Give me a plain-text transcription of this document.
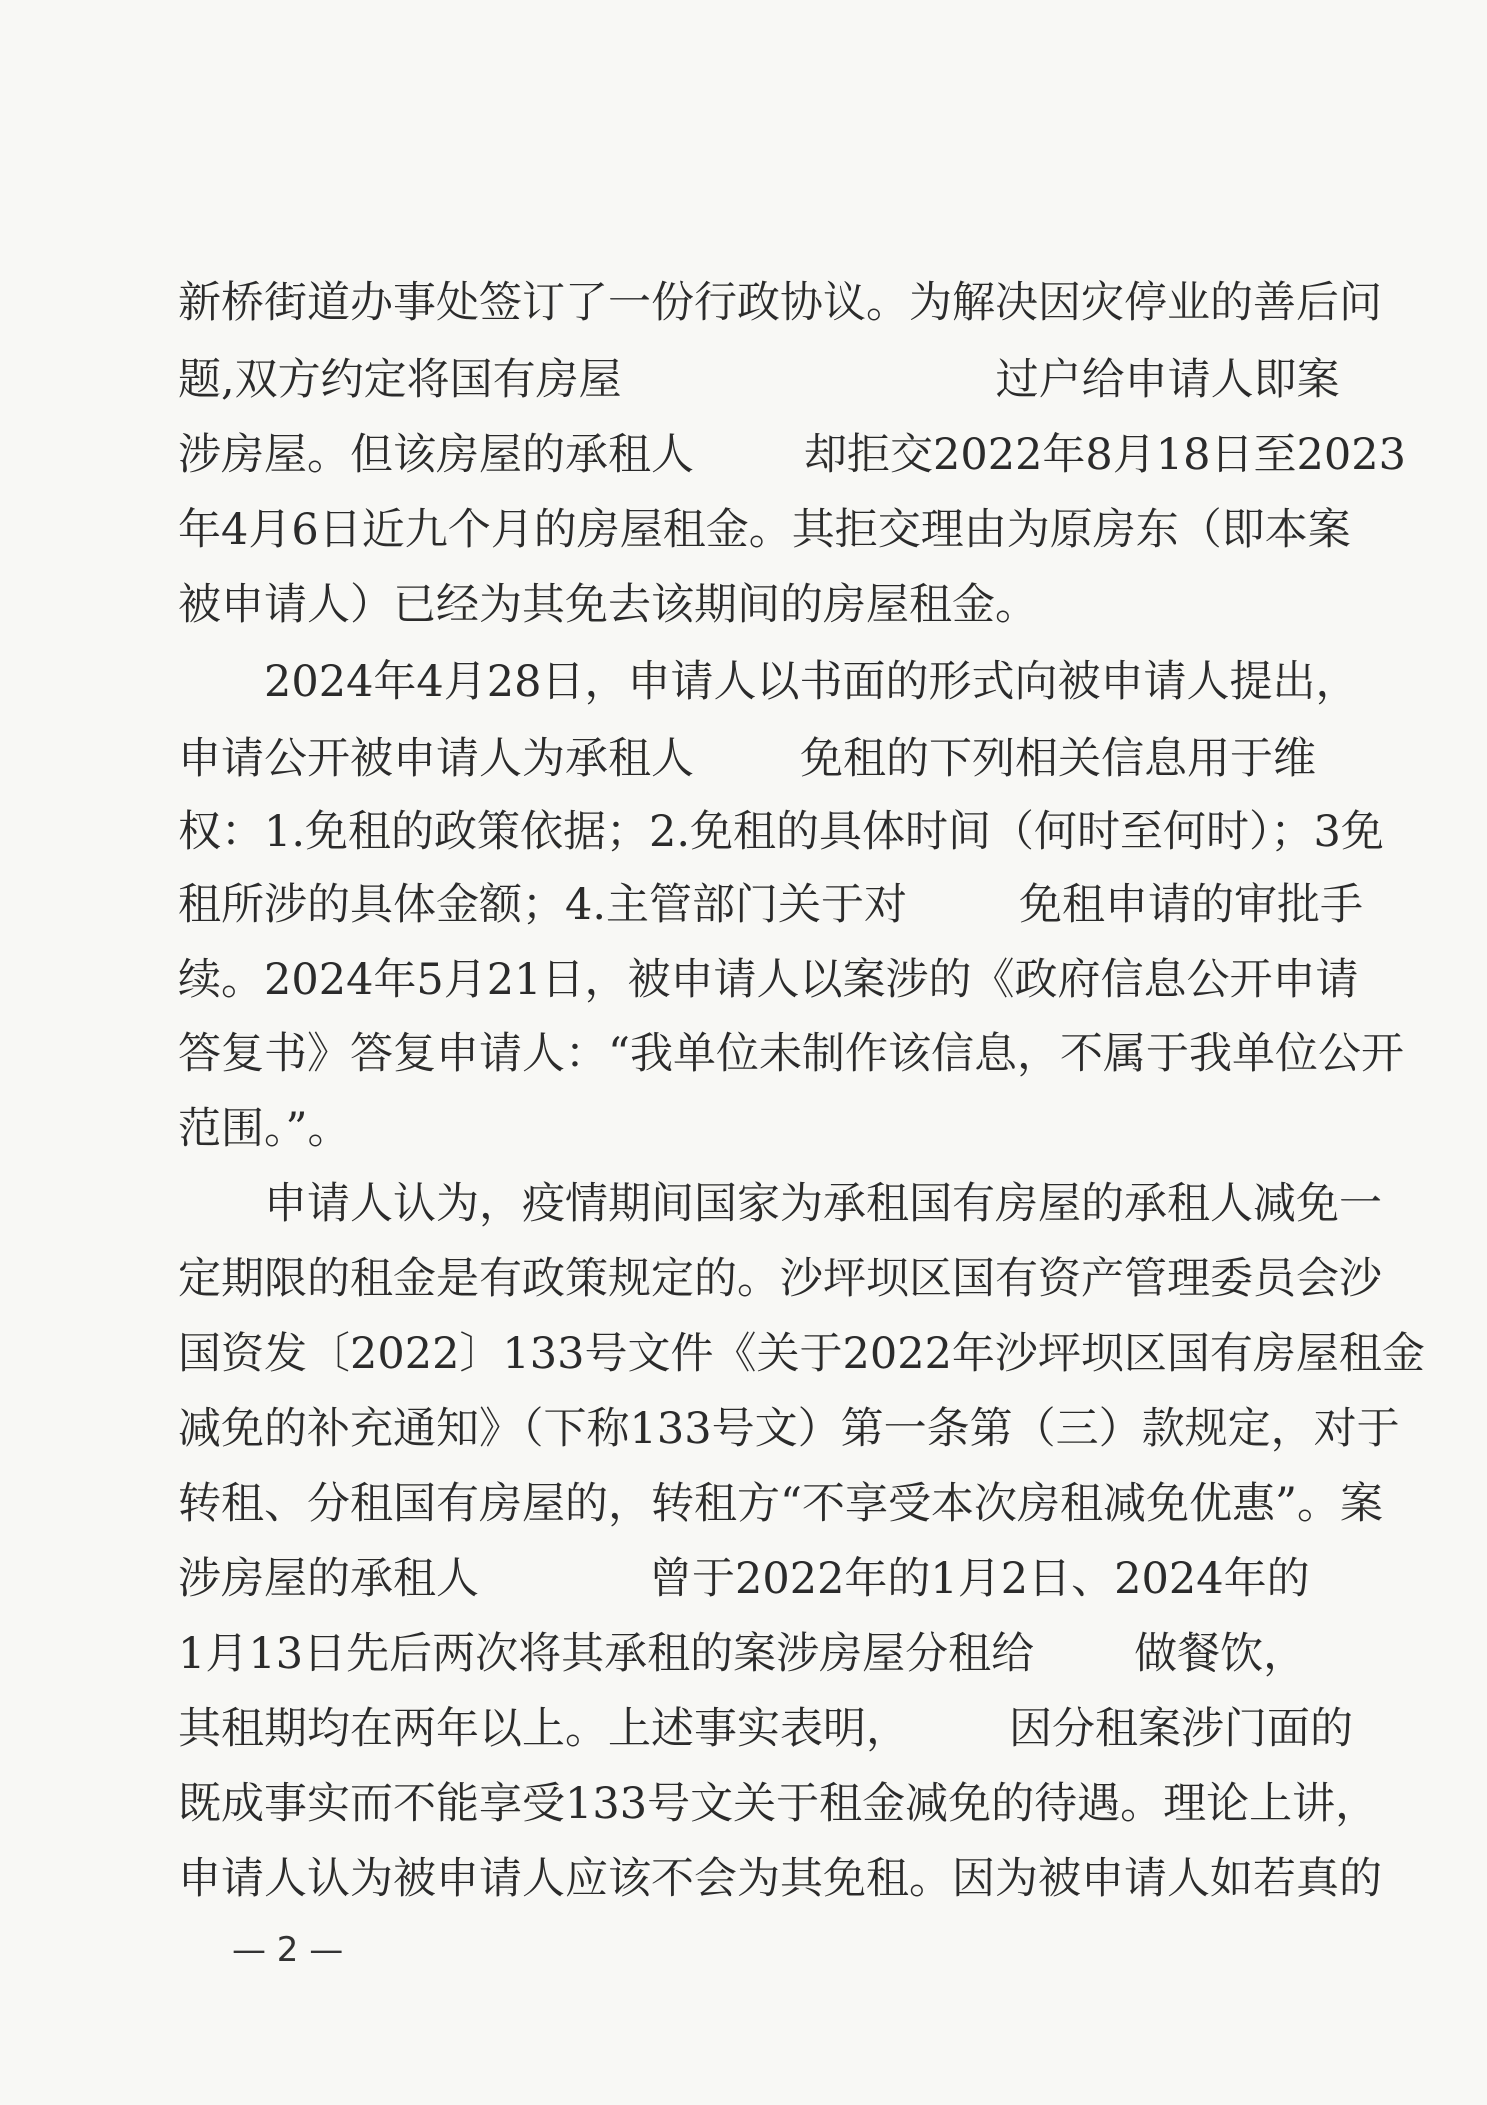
新桥街道办事处签订了一份行政协议。为解决因灾停业的善后问
题,双方约定将国有房屋	过户给申请人即案
涉房屋。但该房屋的承租人	却拒交2022年8月18日至2023
年4月6日近九个月的房屋租金。其拒交理由为原房东（即本案
被申请人）已经为其免去该期间的房屋租金。
2024年4月28日，申请人以书面的形式向被申请人提出，
申请公开被申请人为承租人 免租的下列相关信息用于维
权：1.免租的政策依据；2.免租的具体时间（何时至何时）；3免
租所涉的具体金额；4.主管部门关于对	免租申请的审批手
续。2024年5月21日，被申请人以案涉的《政府信息公开申请
答复书》答复申请人：“我单位未制作该信息，不属于我单位公开
范围。”。
申请人认为，疫情期间国家为承租国有房屋的承租人减免一
定期限的租金是有政策规定的。沙坪坝区国有资产管理委员会沙
国资发〔2022〕133号文件《关于2022年沙坪坝区国有房屋租金
减免的补充通知》（下称133号文）第一条第（三）款规定，对于
转租、分租国有房屋的，转租方“不享受本次房租减免优惠”。案
涉房屋的承租人	曾于2022年的1月2日、2024年的
1月13日先后两次将其承租的案涉房屋分租给 做餐饮，
其租期均在两年以上。上述事实表明， 因分租案涉门面的
既成事实而不能享受133号文关于租金减免的待遇。理论上讲，
申请人认为被申请人应该不会为其免租。因为被申请人如若真的
— 2 —
